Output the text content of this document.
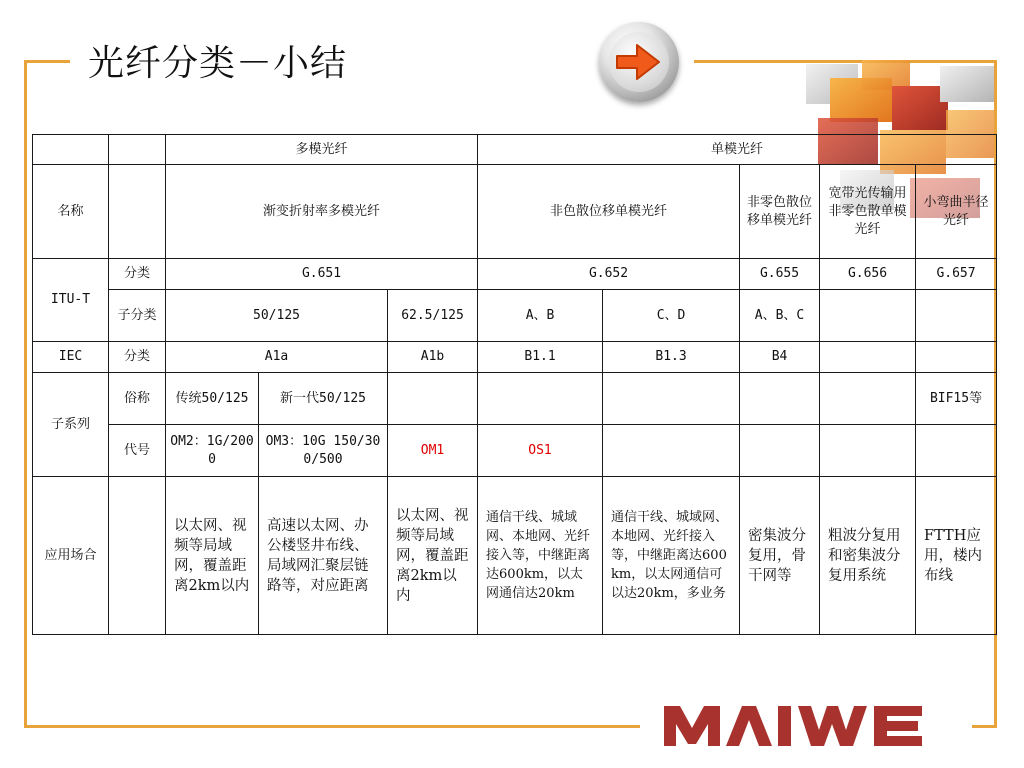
光纤分类－小结
		多模光纤			单模光纤				
名称		渐变折射率多模光纤			非色散位移单模光纤		非零色散位移单模光纤	宽带光传输用非零色散单模光纤	小弯曲半径光纤
ITU-T	分类	G.651			G.652		G.655	G.656	G.657
	子分类	50/125		62.5/125	A、B	C、D	A、B、C		
IEC	分类	A1a		A1b	B1.1	B1.3	B4		
子系列	俗称	传统50/125	新一代50/125						BIF15等
	代号	OM2：1G/2000	OM3：10G 150/300/500	OM1	OS1				
应用场合		以太网、视频等局域网，覆盖距离2km以内	高速以太网、办公楼竖井布线、局域网汇聚层链路等，对应距离	以太网、视频等局域网，覆盖距离2km以内	通信干线、城域网、本地网、光纤接入等，中继距离达600km，以太网通信达20km	通信干线、城域网、本地网、光纤接入等，中继距离达600km，以太网通信可以达20km，多业务	密集波分复用，骨干网等	粗波分复用和密集波分复用系统	FTTH应用，楼内布线
